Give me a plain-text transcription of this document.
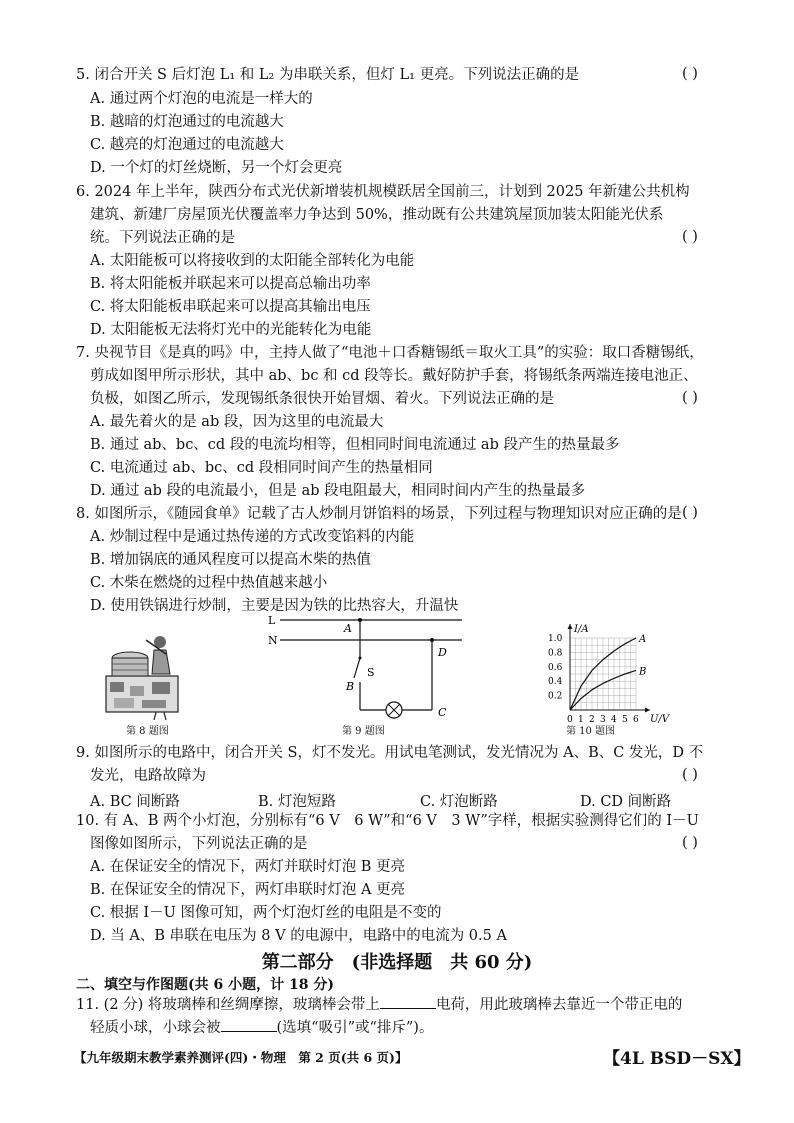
5. 闭合开关 S 后灯泡 L₁ 和 L₂ 为串联关系，但灯 L₁ 更亮。下列说法正确的是	( )
A. 通过两个灯泡的电流是一样大的
B. 越暗的灯泡通过的电流越大
C. 越亮的灯泡通过的电流越大
D. 一个灯的灯丝烧断，另一个灯会更亮
6. 2024 年上半年，陕西分布式光伏新增装机规模跃居全国前三，计划到 2025 年新建公共机构
建筑、新建厂房屋顶光伏覆盖率力争达到 50%，推动既有公共建筑屋顶加装太阳能光伏系
统。下列说法正确的是	( )
A. 太阳能板可以将接收到的太阳能全部转化为电能
B. 将太阳能板并联起来可以提高总输出功率
C. 将太阳能板串联起来可以提高其输出电压
D. 太阳能板无法将灯光中的光能转化为电能
7. 央视节目《是真的吗》中，主持人做了“电池＋口香糖锡纸＝取火工具”的实验：取口香糖锡纸，
剪成如图甲所示形状，其中 ab、bc 和 cd 段等长。戴好防护手套，将锡纸条两端连接电池正、
负极，如图乙所示，发现锡纸条很快开始冒烟、着火。下列说法正确的是	( )
A. 最先着火的是 ab 段，因为这里的电流最大
B. 通过 ab、bc、cd 段的电流均相等，但相同时间电流通过 ab 段产生的热量最多
C. 电流通过 ab、bc、cd 段相同时间产生的热量相同
D. 通过 ab 段的电流最小，但是 ab 段电阻最大，相同时间内产生的热量最多
8. 如图所示，《随园食单》记载了古人炒制月饼馅料的场景，下列过程与物理知识对应正确的是 ( )
A. 炒制过程中是通过热传递的方式改变馅料的内能
B. 增加锅底的通风程度可以提高木柴的热值
C. 木柴在燃烧的过程中热值越来越小
D. 使用铁锅进行炒制，主要是因为铁的比热容大，升温快
第 8 题图
L
N
A
S
B
C
D
第 9 题图
I/A
U/V
0 1 2 3 4 5 6
0.2
0.4
0.6
0.8
1.0	A
B
第 10 题图
9. 如图所示的电路中，闭合开关 S，灯不发光。用试电笔测试，发光情况为 A、B、C 发光，D 不
发光，电路故障为	( )
A. BC 间断路	B. 灯泡短路	C. 灯泡断路	D. CD 间断路
10. 有 A、B 两个小灯泡，分别标有“6 V　6 W”和“6 V　3 W”字样，根据实验测得它们的 I－U
图像如图所示，下列说法正确的是	( )
A. 在保证安全的情况下，两灯并联时灯泡 B 更亮
B. 在保证安全的情况下，两灯串联时灯泡 A 更亮
C. 根据 I－U 图像可知，两个灯泡灯丝的电阻是不变的
D. 当 A、B 串联在电压为 8 V 的电源中，电路中的电流为 0.5 A
第二部分　(非选择题　共 60 分)
二、填空与作图题(共 6 小题，计 18 分)
11. (2 分) 将玻璃棒和丝绸摩擦，玻璃棒会带上	电荷，用此玻璃棒去靠近一个带正电的
轻质小球，小球会被	(选填“吸引”或“排斥”)。
【九年级期末教学素养测评(四)・物理　第 2 页(共 6 页)】	【4L BSD－SX】
